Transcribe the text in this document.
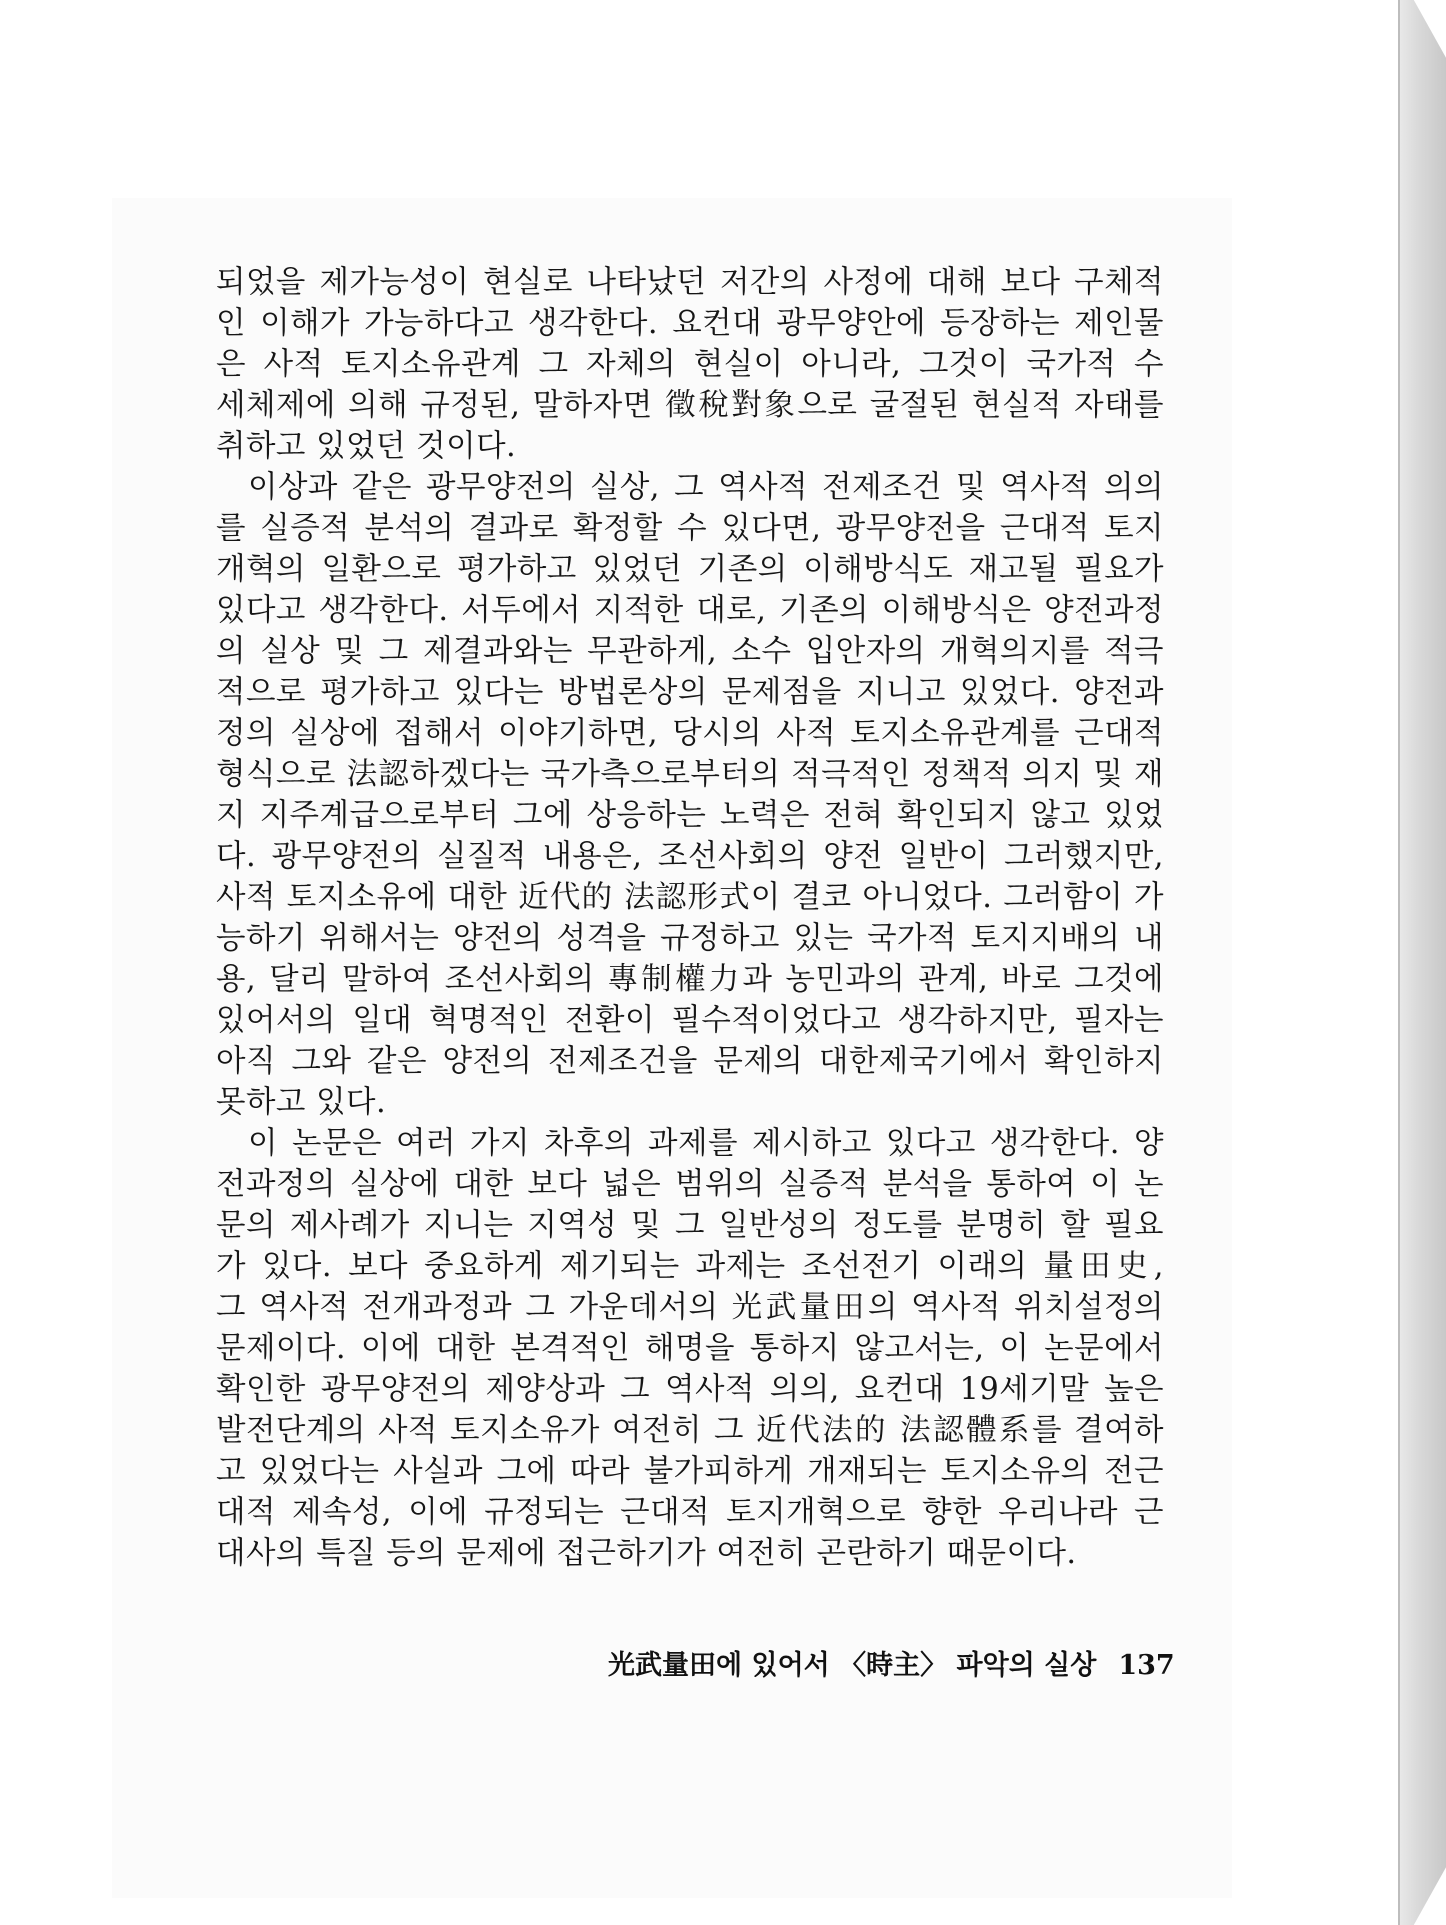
되었을 제가능성이 현실로 나타났던 저간의 사정에 대해 보다 구체적
인 이해가 가능하다고 생각한다. 요컨대 광무양안에 등장하는 제인물
은 사적 토지소유관계 그 자체의 현실이 아니라, 그것이 국가적 수
세체제에 의해 규정된, 말하자면 徵稅對象으로 굴절된 현실적 자태를
취하고 있었던 것이다.
이상과 같은 광무양전의 실상, 그 역사적 전제조건 및 역사적 의의
를 실증적 분석의 결과로 확정할 수 있다면, 광무양전을 근대적 토지
개혁의 일환으로 평가하고 있었던 기존의 이해방식도 재고될 필요가
있다고 생각한다. 서두에서 지적한 대로, 기존의 이해방식은 양전과정
의 실상 및 그 제결과와는 무관하게, 소수 입안자의 개혁의지를 적극
적으로 평가하고 있다는 방법론상의 문제점을 지니고 있었다. 양전과
정의 실상에 접해서 이야기하면, 당시의 사적 토지소유관계를 근대적
형식으로 法認하겠다는 국가측으로부터의 적극적인 정책적 의지 및 재
지 지주계급으로부터 그에 상응하는 노력은 전혀 확인되지 않고 있었
다. 광무양전의 실질적 내용은, 조선사회의 양전 일반이 그러했지만,
사적 토지소유에 대한 近代的 法認形式이 결코 아니었다. 그러함이 가
능하기 위해서는 양전의 성격을 규정하고 있는 국가적 토지지배의 내
용, 달리 말하여 조선사회의 專制權力과 농민과의 관계, 바로 그것에
있어서의 일대 혁명적인 전환이 필수적이었다고 생각하지만, 필자는
아직 그와 같은 양전의 전제조건을 문제의 대한제국기에서 확인하지
못하고 있다.
이 논문은 여러 가지 차후의 과제를 제시하고 있다고 생각한다. 양
전과정의 실상에 대한 보다 넓은 범위의 실증적 분석을 통하여 이 논
문의 제사례가 지니는 지역성 및 그 일반성의 정도를 분명히 할 필요
가 있다. 보다 중요하게 제기되는 과제는 조선전기 이래의 量田史,
그 역사적 전개과정과 그 가운데서의 光武量田의 역사적 위치설정의
문제이다. 이에 대한 본격적인 해명을 통하지 않고서는, 이 논문에서
확인한 광무양전의 제양상과 그 역사적 의의, 요컨대 19세기말 높은
발전단계의 사적 토지소유가 여전히 그 近代法的 法認體系를 결여하
고 있었다는 사실과 그에 따라 불가피하게 개재되는 토지소유의 전근
대적 제속성, 이에 규정되는 근대적 토지개혁으로 향한 우리나라 근
대사의 특질 등의 문제에 접근하기가 여전히 곤란하기 때문이다.
光武量田에 있어서 〈時主〉 파악의 실상 137
